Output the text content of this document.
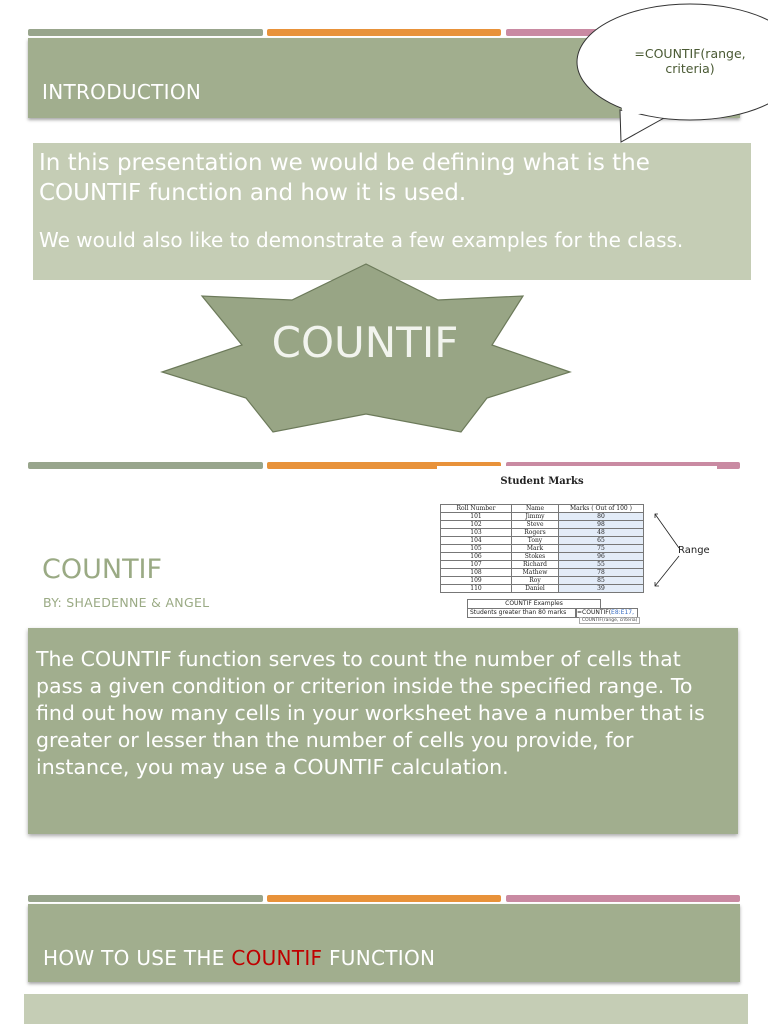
INTRODUCTION
=COUNTIF(range, criteria)
In this presentation we would be defining what is the COUNTIF function and how it is used.
We would also like to demonstrate a few examples for the class.
COUNTIF
COUNTIF
BY: SHAEDENNE & ANGEL
Student Marks
Roll Number	Name	Marks ( Out of 100 )
101	Jimmy	80
102	Steve	98
103	Rogers	48
104	Tony	65
105	Mark	75
106	Stokes	96
107	Richard	55
108	Mathew	78
109	Roy	85
110	Daniel	39
Range
COUNTIF Examples
Students greater than 80 marks	=COUNTIF(E8:E17,
COUNTIF(range, criteria)

The COUNTIF function serves to count the number of cells that pass a given condition or criterion inside the specified range. To find out how many cells in your worksheet have a number that is greater or lesser than the number of cells you provide, for instance, you may use a COUNTIF calculation.

HOW TO USE THE COUNTIF FUNCTION
